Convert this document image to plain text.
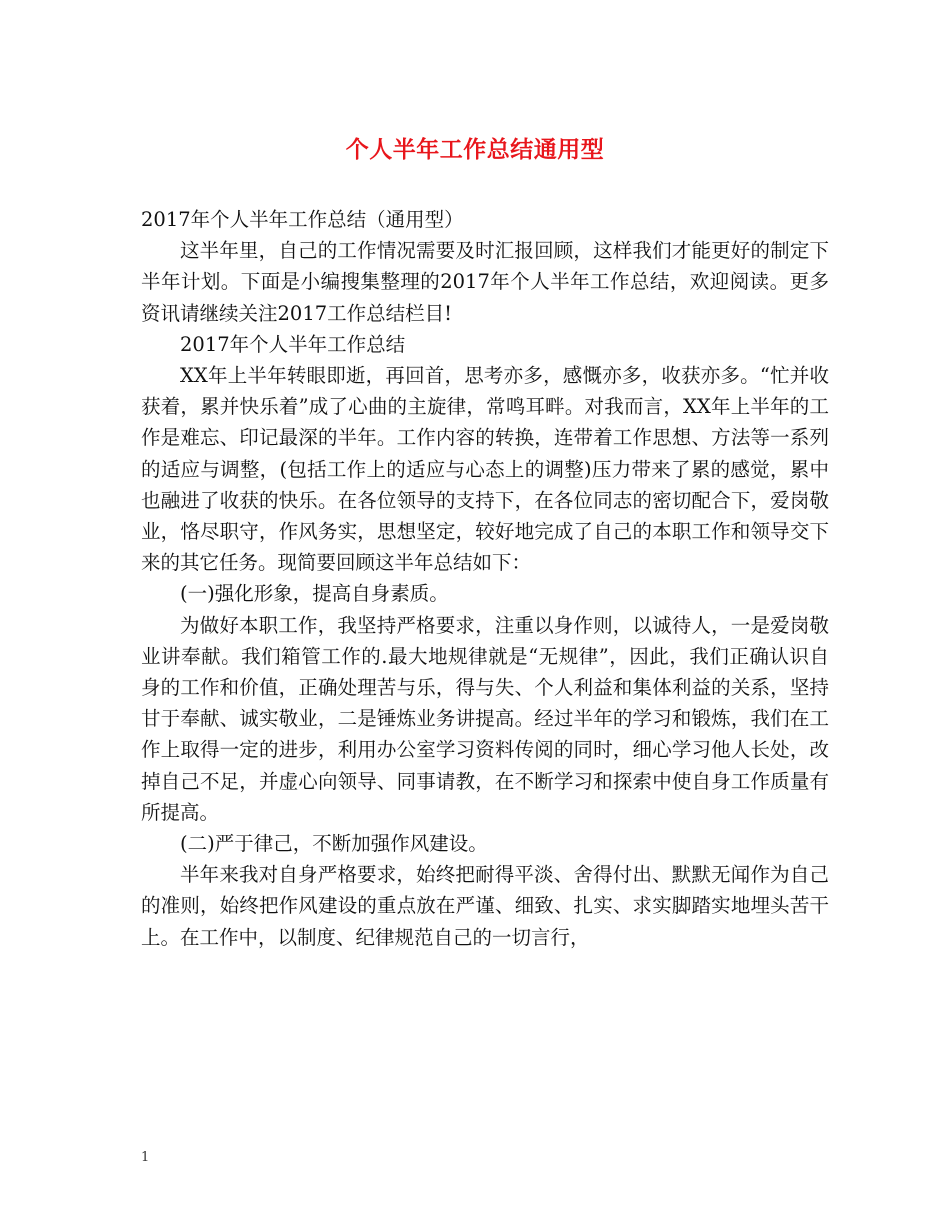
个人半年工作总结通用型

2017年个人半年工作总结（通用型）

这半年里，自己的工作情况需要及时汇报回顾，这样我们才能更好的制定下半年计划。下面是小编搜集整理的2017年个人半年工作总结，欢迎阅读。更多资讯请继续关注2017工作总结栏目!

2017年个人半年工作总结

XX年上半年转眼即逝，再回首，思考亦多，感慨亦多，收获亦多。“忙并收获着，累并快乐着”成了心曲的主旋律，常鸣耳畔。对我而言，XX年上半年的工作是难忘、印记最深的半年。工作内容的转换，连带着工作思想、方法等一系列的适应与调整，(包括工作上的适应与心态上的调整)压力带来了累的感觉，累中也融进了收获的快乐。在各位领导的支持下，在各位同志的密切配合下，爱岗敬业，恪尽职守，作风务实，思想坚定，较好地完成了自己的本职工作和领导交下来的其它任务。现简要回顾这半年总结如下：

(一)强化形象，提高自身素质。

为做好本职工作，我坚持严格要求，注重以身作则，以诚待人，一是爱岗敬业讲奉献。我们箱管工作的.最大地规律就是“无规律”，因此，我们正确认识自身的工作和价值，正确处理苦与乐，得与失、个人利益和集体利益的关系，坚持甘于奉献、诚实敬业，二是锤炼业务讲提高。经过半年的学习和锻炼，我们在工作上取得一定的进步，利用办公室学习资料传阅的同时，细心学习他人长处，改掉自己不足，并虚心向领导、同事请教，在不断学习和探索中使自身工作质量有所提高。

(二)严于律己，不断加强作风建设。

半年来我对自身严格要求，始终把耐得平淡、舍得付出、默默无闻作为自己的准则，始终把作风建设的重点放在严谨、细致、扎实、求实脚踏实地埋头苦干上。在工作中，以制度、纪律规范自己的一切言行，

1
